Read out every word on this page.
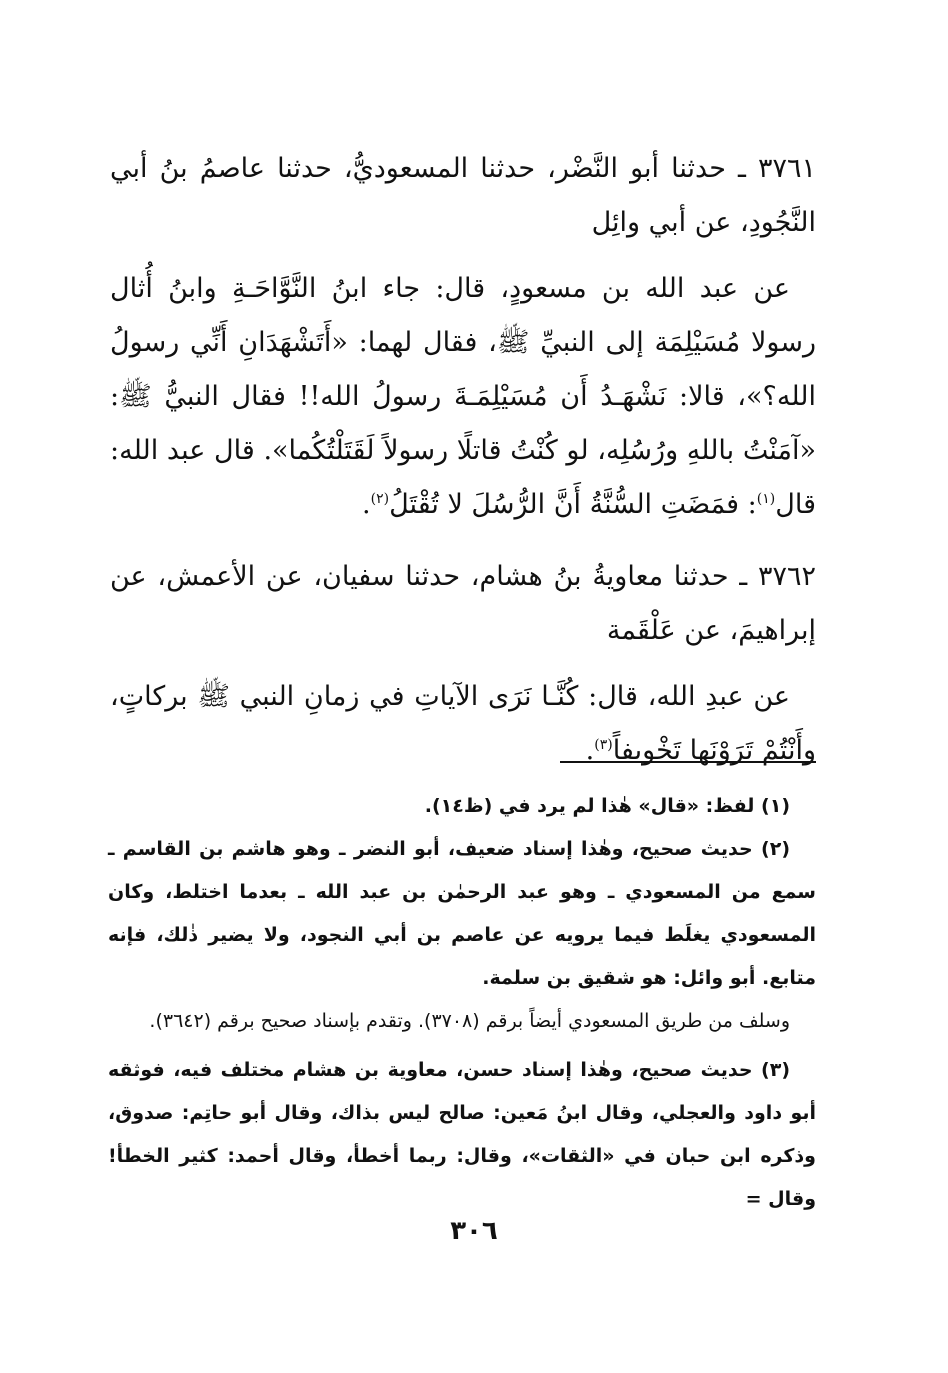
٣٧٦١ ـ حدثنا أبو النَّضْر، حدثنا المسعوديُّ، حدثنا عاصمُ بنُ أبي النَّجُودِ، عن أبي وائِل

عن عبد الله بن مسعودٍ، قال: جاء ابنُ النَّوَّاحَـةِ وابنُ أُثال رسولا مُسَيْلِمَة إلى النبيِّ ﷺ، فقال لهما: «أَتَشْهَدَانِ أَنِّي رسولُ الله؟»، قالا: نَشْهَـدُ أَن مُسَيْلِمَـةَ رسولُ الله!! فقال النبيُّ ﷺ: «آمَنْتُ باللهِ ورُسُلِه، لو كُنْتُ قاتلًا رسولاً لَقَتَلْتُكُما». قال عبد الله: قال$^{(١)}$: فمَضَتِ السُّنَّةُ أَنَّ الرُّسُلَ لا تُقْتَلُ$^{(٢)}$.

٣٧٦٢ ـ حدثنا معاويةُ بنُ هشام، حدثنا سفيان، عن الأعمش، عن إبراهيمَ، عن عَلْقَمة

عن عبدِ الله، قال: كُنَّـا نَرَى الآياتِ في زمانِ النبي ﷺ بركاتٍ، وأَنْتُمْ تَرَوْنَها تَخْويفاً$^{(٣)}$.

(١) لفظ: «قال» هٰذا لم يرد في (ظ١٤).

(٢) حديث صحيح، وهٰذا إسناد ضعيف، أبو النضر ـ وهو هاشم بن القاسم ـ سمع من المسعودي ـ وهو عبد الرحمٰن بن عبد الله ـ بعدما اختلط، وكان المسعودي يغلَط فيما يرويه عن عاصم بن أبي النجود، ولا يضير ذٰلك، فإنه متابع. أبو وائل: هو شقيق بن سلمة.

وسلف من طريق المسعودي أيضاً برقم (٣٧٠٨). وتقدم بإسناد صحيح برقم (٣٦٤٢).

(٣) حديث صحيح، وهٰذا إسناد حسن، معاوية بن هشام مختلف فيه، فوثقه أبو داود والعجلي، وقال ابنُ مَعين: صالح ليس بذاك، وقال أبو حاتِم: صدوق، وذكره ابن حبان في «الثقات»، وقال: ربما أخطأ، وقال أحمد: كثير الخطأ! وقال =

٣٠٦
